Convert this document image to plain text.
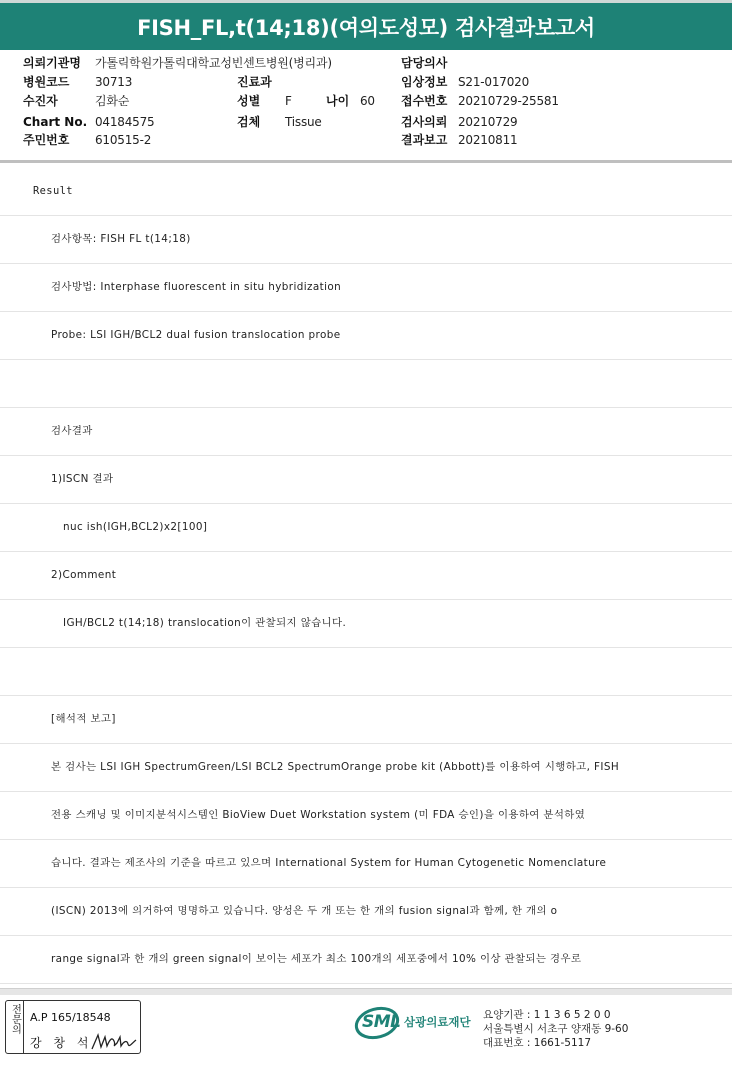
FISH_FL,t(14;18)(여의도성모) 검사결과보고서
의뢰기관명 가톨릭학원가톨릭대학교성빈센트병원(병리과)	담당의사
병원코드 30713	진료과	임상정보 S21-017020
수진자	김화순	성별 F	나이 60 접수번호 20210729-25581
Chart No. 04184575	검체 Tissue	검사의뢰 20210729
주민번호 610515-2	결과보고 20210811
Result
검사항목: FISH FL t(14;18)
검사방법: Interphase fluorescent in situ hybridization
Probe: LSI IGH/BCL2 dual fusion translocation probe
검사결과
1)ISCN 결과
nuc ish(IGH,BCL2)x2[100]
2)Comment
IGH/BCL2 t(14;18) translocation이 관찰되지 않습니다.
[해석적 보고]
본 검사는 LSI IGH SpectrumGreen/LSI BCL2 SpectrumOrange probe kit (Abbott)를 이용하여 시행하고, FISH
전용 스캐닝 및 이미지분석시스템인 BioView Duet Workstation system (미 FDA 승인)을 이용하여 분석하였
습니다. 결과는 제조사의 기준을 따르고 있으며 International System for Human Cytogenetic Nomenclature
(ISCN) 2013에 의거하여 명명하고 있습니다. 양성은 두 개 또는 한 개의 fusion signal과 함께, 한 개의 o
range signal과 한 개의 green signal이 보이는 세포가 최소 100개의 세포중에서 10% 이상 관찰되는 경우로
전문의 A.P 165/18548
강 창 석
SML 삼광의료재단 요양기관 : 1 1 3 6 5 2 0 0
서울특별시 서초구 양재동 9-60
대표번호 : 1661-5117
